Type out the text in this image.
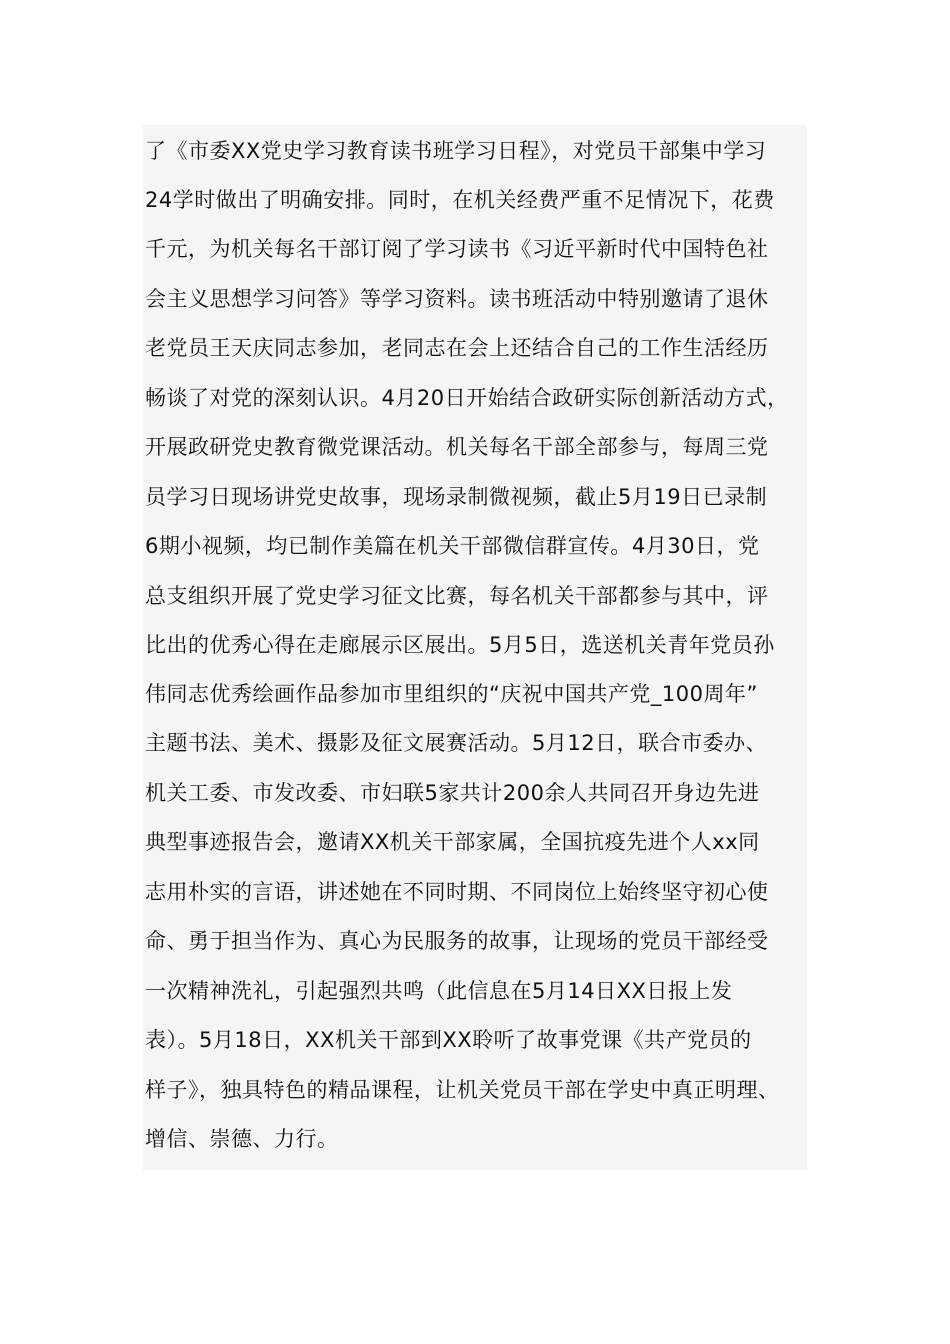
了《市委XX党史学习教育读书班学习日程》，对党员干部集中学习
24学时做出了明确安排。同时，在机关经费严重不足情况下，花费
千元，为机关每名干部订阅了学习读书《习近平新时代中国特色社
会主义思想学习问答》等学习资料。读书班活动中特别邀请了退休
老党员王天庆同志参加，老同志在会上还结合自己的工作生活经历
畅谈了对党的深刻认识。4月20日开始结合政研实际创新活动方式，
开展政研党史教育微党课活动。机关每名干部全部参与，每周三党
员学习日现场讲党史故事，现场录制微视频，截止5月19日已录制
6期小视频，均已制作美篇在机关干部微信群宣传。4月30日，党
总支组织开展了党史学习征文比赛，每名机关干部都参与其中，评
比出的优秀心得在走廊展示区展出。5月5日，选送机关青年党员孙
伟同志优秀绘画作品参加市里组织的“庆祝中国共产党_100周年”
主题书法、美术、摄影及征文展赛活动。5月12日，联合市委办、
机关工委、市发改委、市妇联5家共计200余人共同召开身边先进
典型事迹报告会，邀请XX机关干部家属，全国抗疫先进个人xx同
志用朴实的言语，讲述她在不同时期、不同岗位上始终坚守初心使
命、勇于担当作为、真心为民服务的故事，让现场的党员干部经受
一次精神洗礼，引起强烈共鸣（此信息在5月14日XX日报上发
表）。5月18日，XX机关干部到XX聆听了故事党课《共产党员的
样子》，独具特色的精品课程，让机关党员干部在学史中真正明理、
增信、崇德、力行。
